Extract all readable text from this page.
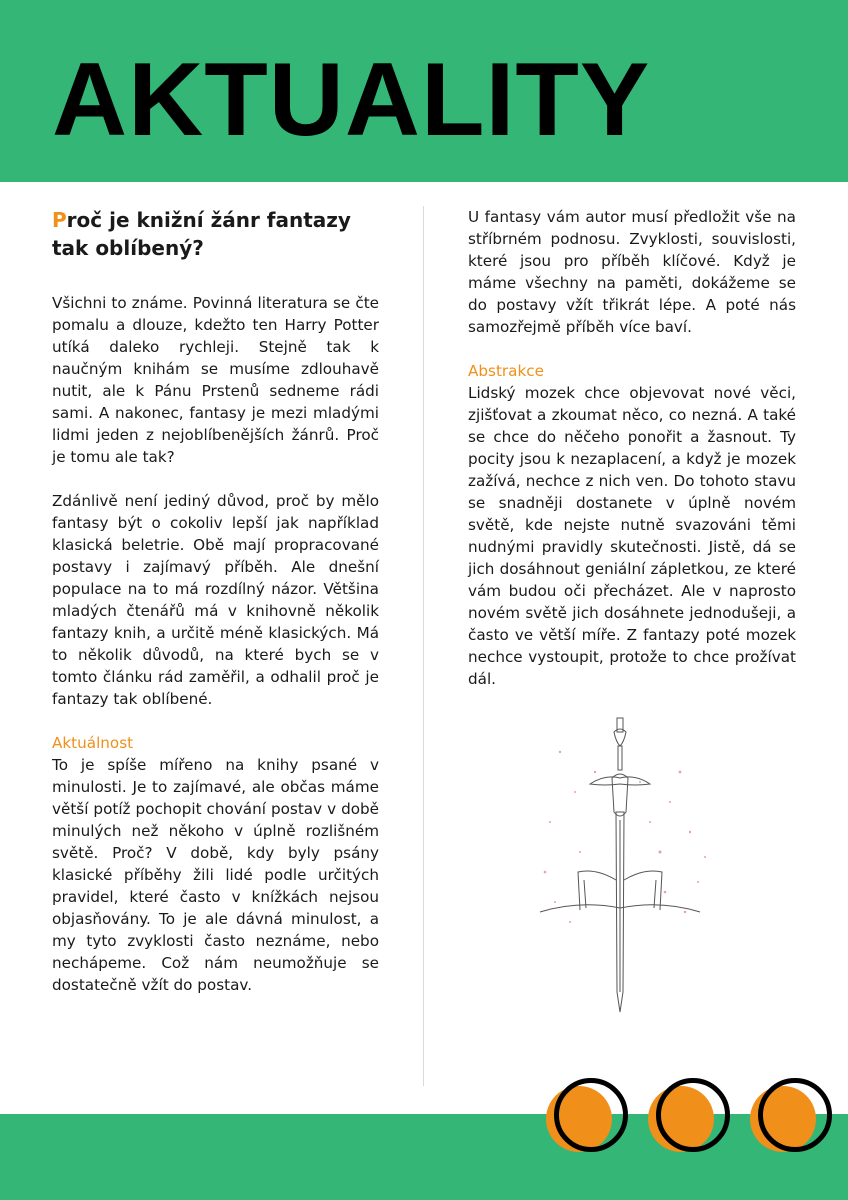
AKTUALITY
Proč je knižní žánr fantazy tak oblíbený?

Všichni to známe. Povinná literatura se čte pomalu a dlouze, kdežto ten Harry Potter utíká daleko rychleji. Stejně tak k naučným knihám se musíme zdlouhavě nutit, ale k Pánu Prstenů sedneme rádi sami. A nakonec, fantasy je mezi mladými lidmi jeden z nejoblíbenějších žánrů. Proč je tomu ale tak?

Zdánlivě není jediný důvod, proč by mělo fantasy být o cokoliv lepší jak například klasická beletrie. Obě mají propracované postavy i zajímavý příběh. Ale dnešní populace na to má rozdílný názor. Většina mladých čtenářů má v knihovně několik fantazy knih, a určitě méně klasických. Má to několik důvodů, na které bych se v tomto článku rád zaměřil, a odhalil proč je fantazy tak oblíbené.

Aktuálnost

To je spíše mířeno na knihy psané v minulosti. Je to zajímavé, ale občas máme větší potíž pochopit chování postav v době minulých než někoho v úplně rozlišném světě. Proč? V době, kdy byly psány klasické příběhy žili lidé podle určitých pravidel, které často v knížkách nejsou objasňovány. To je ale dávná minulost, a my tyto zvyklosti často neznáme, nebo nechápeme. Což nám neumožňuje se dostatečně vžít do postav.

U fantasy vám autor musí předložit vše na stříbrném podnosu. Zvyklosti, souvislosti, které jsou pro příběh klíčové. Když je máme všechny na paměti, dokážeme se do postavy vžít třikrát lépe. A poté nás samozřejmě příběh více baví.

Abstrakce

Lidský mozek chce objevovat nové věci, zjišťovat a zkoumat něco, co nezná. A také se chce do něčeho ponořit a žasnout. Ty pocity jsou k nezaplacení, a když je mozek zažívá, nechce z nich ven. Do tohoto stavu se snadněji dostanete v úplně novém světě, kde nejste nutně svazováni těmi nudnými pravidly skutečnosti. Jistě, dá se jich dosáhnout geniální zápletkou, ze které vám budou oči přecházet. Ale v naprosto novém světě jich dosáhnete jednodušeji, a často ve větší míře. Z fantazy poté mozek nechce vystoupit, protože to chce prožívat dál.
